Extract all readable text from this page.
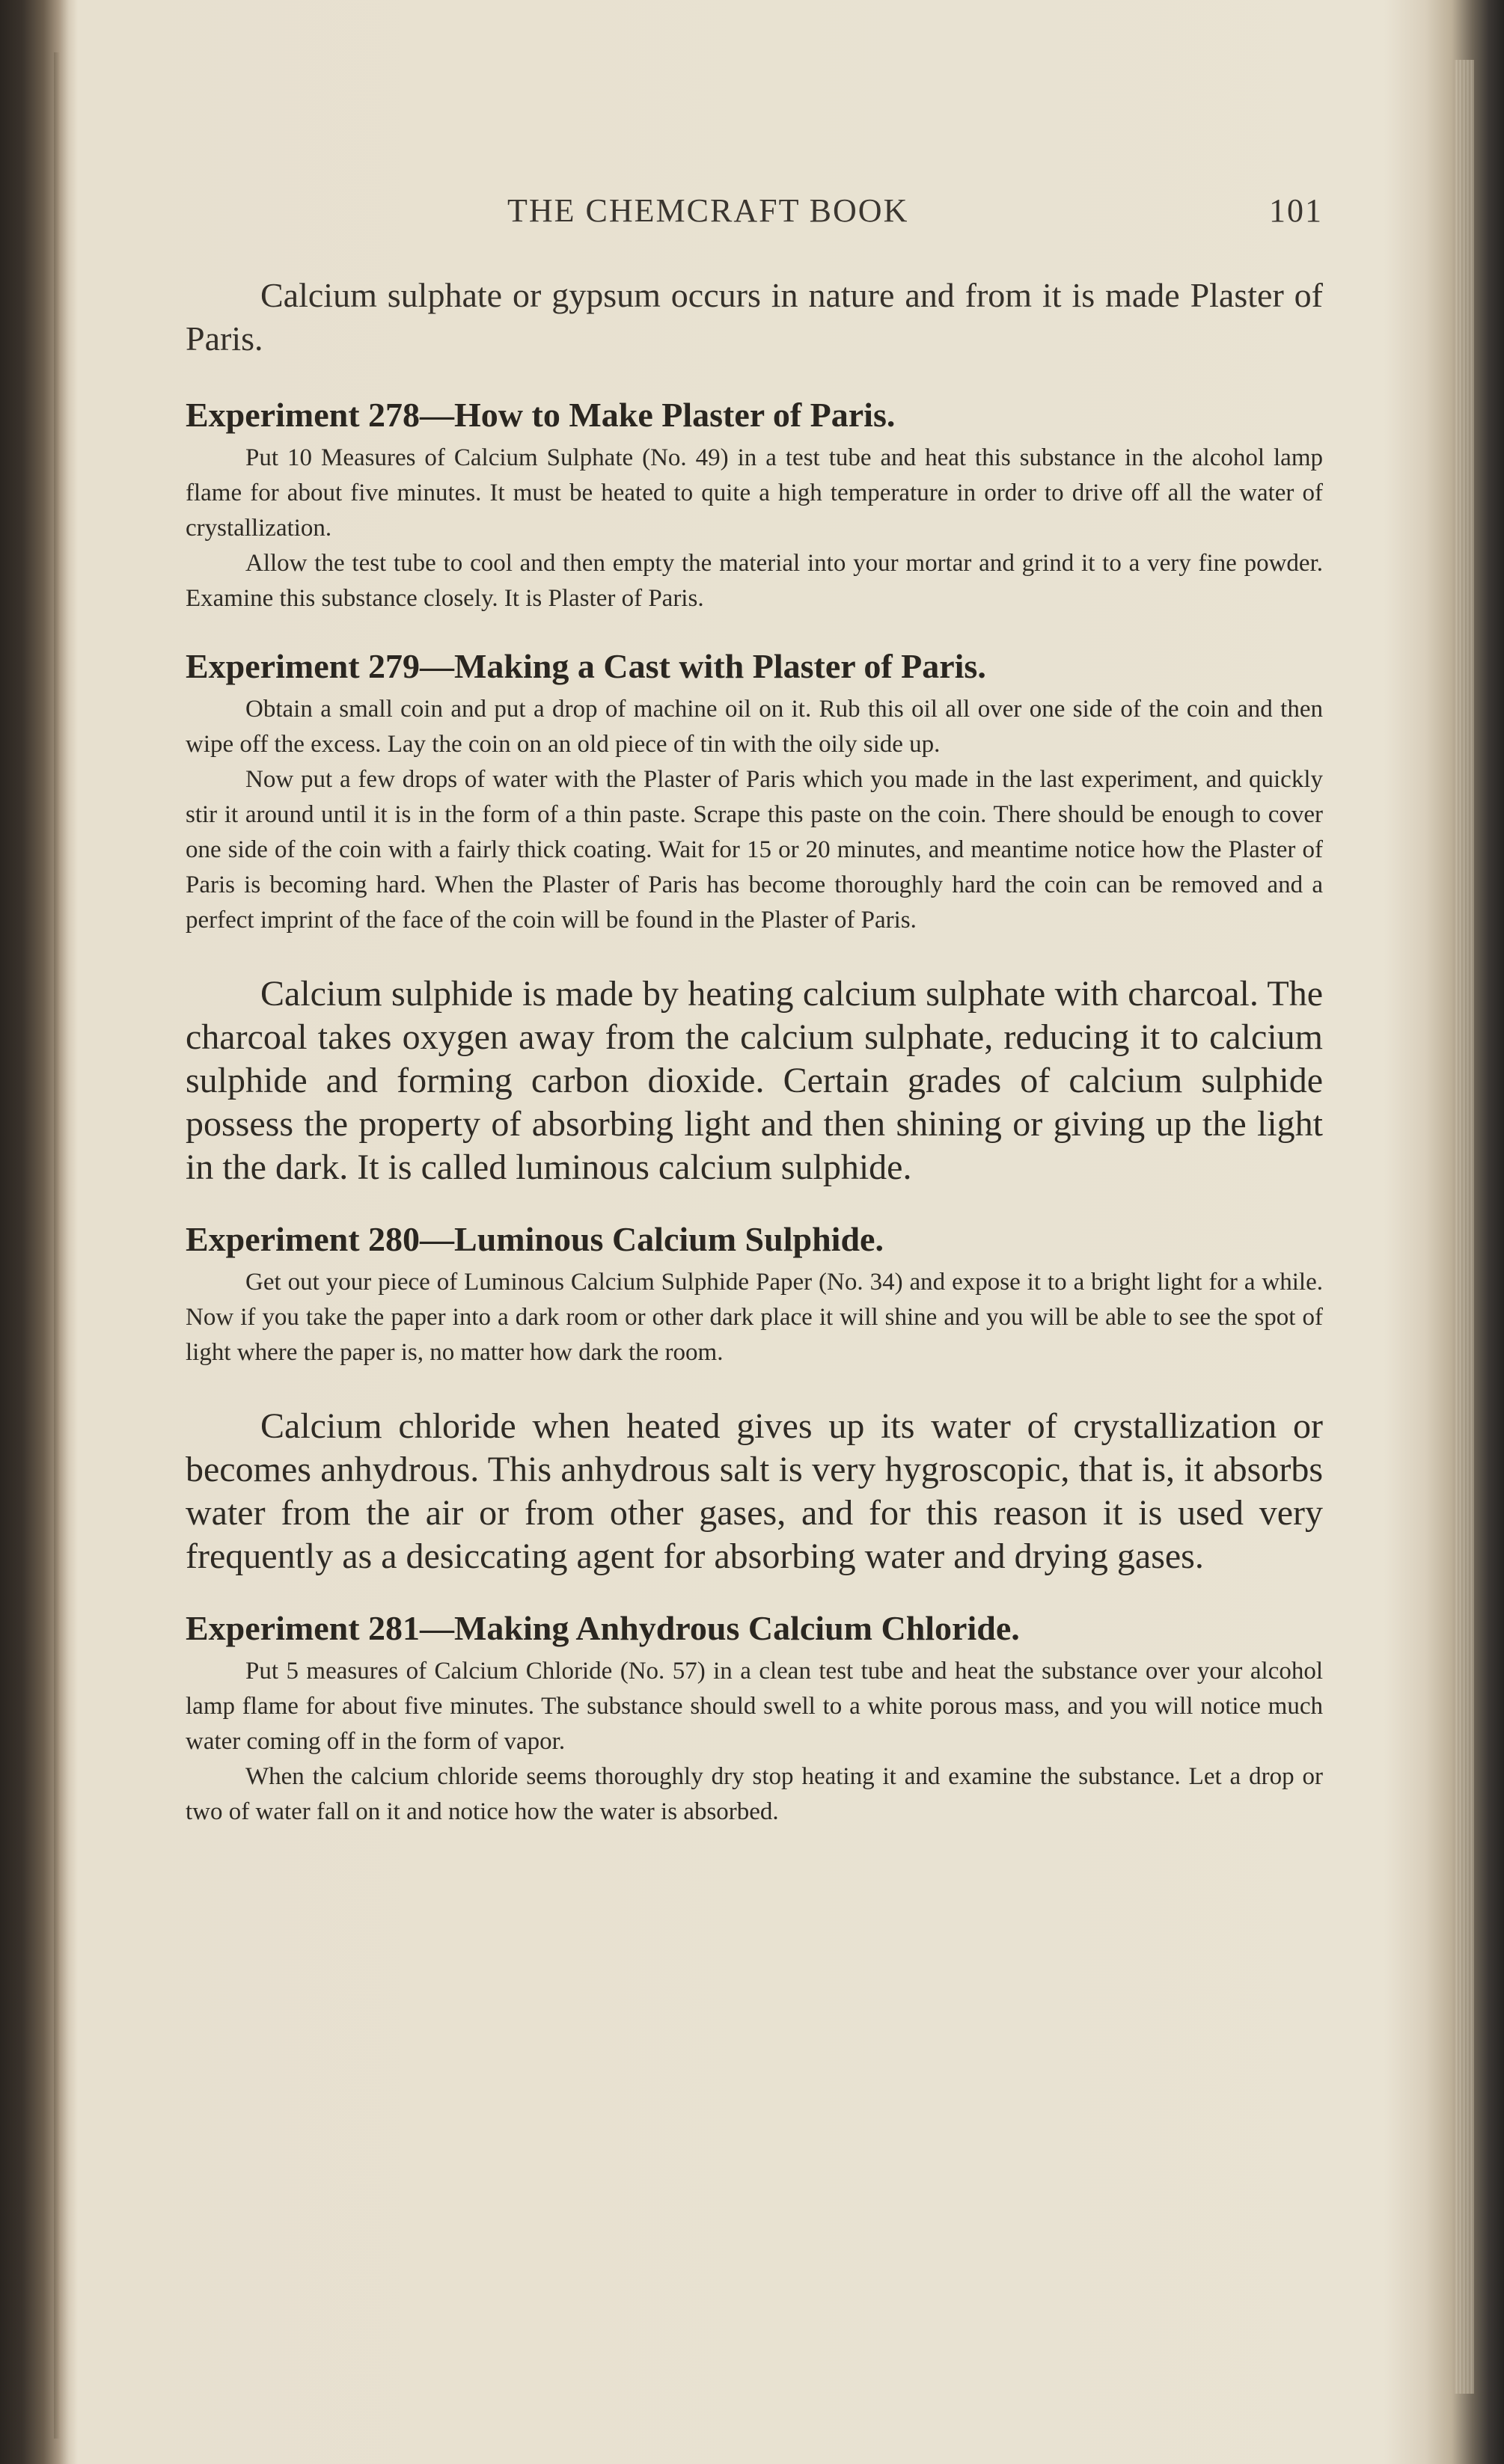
THE CHEMCRAFT BOOK	101

Calcium sulphate or gypsum occurs in nature and from it is made Plaster of Paris.

Experiment 278—How to Make Plaster of Paris.

Put 10 Measures of Calcium Sulphate (No. 49) in a test tube and heat this substance in the alcohol lamp flame for about five minutes. It must be heated to quite a high temperature in order to drive off all the water of crystallization.

Allow the test tube to cool and then empty the material into your mortar and grind it to a very fine powder. Examine this substance closely. It is Plaster of Paris.

Experiment 279—Making a Cast with Plaster of Paris.

Obtain a small coin and put a drop of machine oil on it. Rub this oil all over one side of the coin and then wipe off the excess. Lay the coin on an old piece of tin with the oily side up.

Now put a few drops of water with the Plaster of Paris which you made in the last experiment, and quickly stir it around until it is in the form of a thin paste. Scrape this paste on the coin. There should be enough to cover one side of the coin with a fairly thick coating. Wait for 15 or 20 minutes, and meantime notice how the Plaster of Paris is becoming hard. When the Plaster of Paris has become thoroughly hard the coin can be removed and a perfect imprint of the face of the coin will be found in the Plaster of Paris.

Calcium sulphide is made by heating calcium sulphate with charcoal. The charcoal takes oxygen away from the calcium sulphate, reducing it to calcium sulphide and forming carbon dioxide. Certain grades of calcium sulphide possess the property of absorbing light and then shining or giving up the light in the dark. It is called luminous calcium sulphide.

Experiment 280—Luminous Calcium Sulphide.

Get out your piece of Luminous Calcium Sulphide Paper (No. 34) and expose it to a bright light for a while. Now if you take the paper into a dark room or other dark place it will shine and you will be able to see the spot of light where the paper is, no matter how dark the room.

Calcium chloride when heated gives up its water of crystallization or becomes anhydrous. This anhydrous salt is very hygroscopic, that is, it absorbs water from the air or from other gases, and for this reason it is used very frequently as a desiccating agent for absorbing water and drying gases.

Experiment 281—Making Anhydrous Calcium Chloride.

Put 5 measures of Calcium Chloride (No. 57) in a clean test tube and heat the substance over your alcohol lamp flame for about five minutes. The substance should swell to a white porous mass, and you will notice much water coming off in the form of vapor.

When the calcium chloride seems thoroughly dry stop heating it and examine the substance. Let a drop or two of water fall on it and notice how the water is absorbed.
